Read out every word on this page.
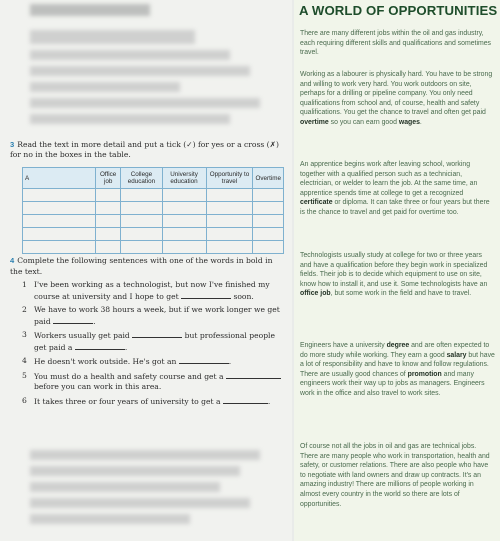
3 Read the text in more detail and put a tick (✓) for yes or a cross (✗) for no in the boxes in the table.
A	Office job	College education	University education	Opportunity to travel	Overtime

4 Complete the following sentences with one of the words in bold in the text.
1 I've been working as a technologist, but now I've finished my course at university and I hope to get	soon.
2 We have to work 38 hours a week, but if we work longer we get paid	.
3 Workers usually get paid	but professional people get paid a	.
4 He doesn't work outside. He's got an	.
5 You must do a health and safety course and get a  before you can work in this area.
6 It takes three or four years of university to get a	.
A WORLD OF OPPORTUNITIES
There are many different jobs within the oil and gas industry, each requiring different skills and qualifications and sometimes travel.
Working as a labourer is physically hard. You have to be strong and willing to work very hard. You work outdoors on site, perhaps for a drilling or pipeline company. You only need qualifications from school and, of course, health and safety qualifications. You get the chance to travel and often get paid overtime so you can earn good wages.
An apprentice begins work after leaving school, working together with a qualified person such as a technician, electrician, or welder to learn the job. At the same time, an apprentice spends time at college to get a recognized certificate or diploma. It can take three or four years but there is the chance to travel and get paid for overtime too.
Technologists usually study at college for two or three years and have a qualification before they begin work in specialized fields. Their job is to decide which equipment to use on site, know how to install it, and use it. Some technologists have an office job, but some work in the field and have to travel.
Engineers have a university degree and are often expected to do more study while working. They earn a good salary but have a lot of responsibility and have to know and follow regulations. There are usually good chances of promotion and many engineers work their way up to jobs as managers. Engineers work in the office and also travel to work sites.
Of course not all the jobs in oil and gas are technical jobs. There are many people who work in transportation, health and safety, or customer relations. There are also people who have to negotiate with land owners and draw up contracts. It's an amazing industry! There are millions of people working in almost every country in the world so there are lots of opportunities.
